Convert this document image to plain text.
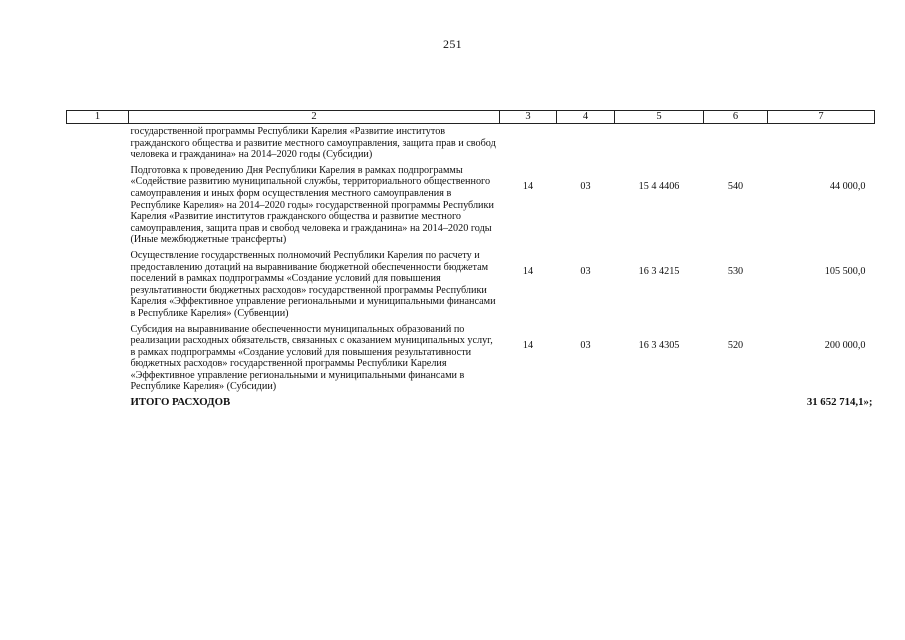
251
1	2	3	4	5	6	7
	государственной программы Республики Карелия «Развитие институтов гражданского общества и развитие местного самоуправления, защита прав и свобод человека и гражданина» на 2014–2020 годы (Субсидии)					
	Подготовка к проведению Дня Республики Карелия в рамках подпрограммы «Содействие развитию муниципальной службы, территориального общественного самоуправления и иных форм осуществления местного самоуправления в Республике Карелия» на 2014–2020 годы» государственной программы Республики Карелия «Развитие институтов гражданского общества и развитие местного самоуправления, защита прав и свобод человека и гражданина» на 2014–2020 годы (Иные межбюджетные трансферты)	14	03	15 4 4406	540	44 000,0
	Осуществление государственных полномочий Республики Карелия по расчету и предоставлению дотаций на выравнивание бюджетной обеспеченности бюджетам поселений в рамках подпрограммы «Создание условий для повышения результативности бюджетных расходов» государственной программы Республики Карелия «Эффективное управление региональными и муниципальными финансами в Республике Карелия» (Субвенции)	14	03	16 3 4215	530	105 500,0
	Субсидия на выравнивание обеспеченности муниципальных образований по реализации расходных обязательств, связанных с оказанием муниципальных услуг, в рамках подпрограммы «Создание условий для повышения результативности бюджетных расходов» государственной программы Республики Карелия «Эффективное управление региональными и муниципальными финансами в Республике Карелия» (Субсидии)	14	03	16 3 4305	520	200 000,0
	ИТОГО РАСХОДОВ					31 652 714,1»;
